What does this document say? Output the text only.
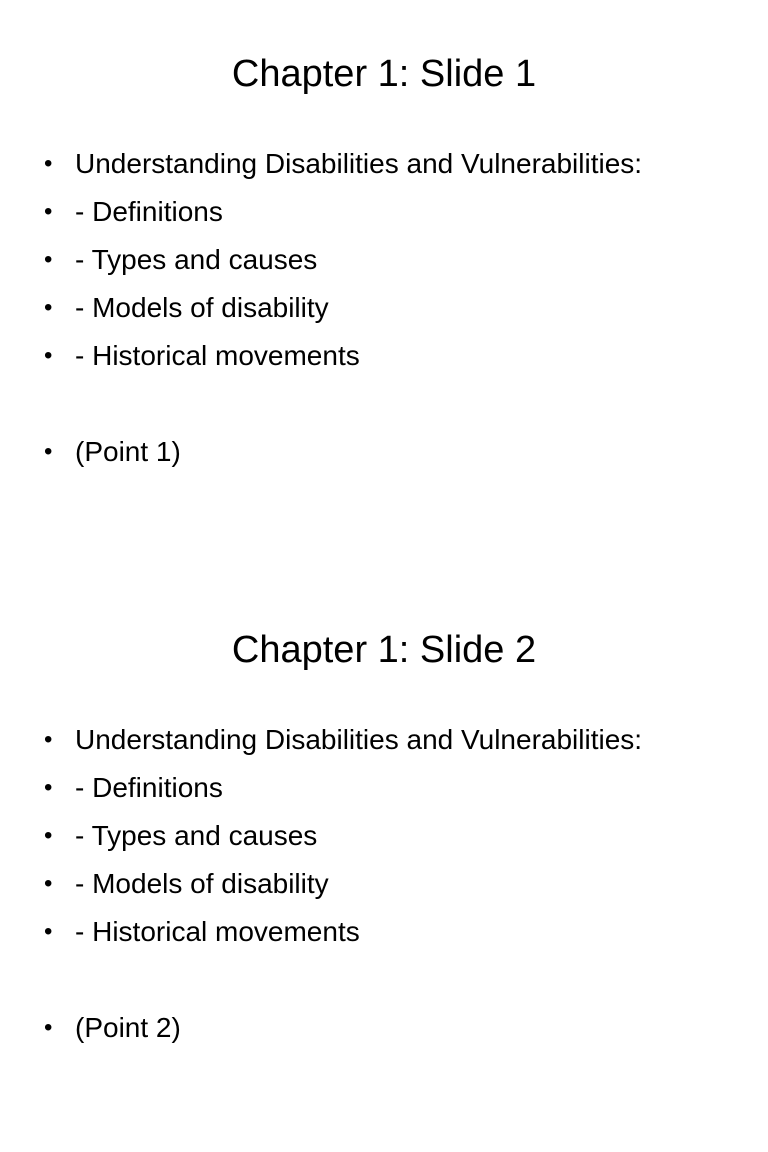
Chapter 1: Slide 1
• Understanding Disabilities and Vulnerabilities:
• - Definitions
• - Types and causes
• - Models of disability
• - Historical movements
• (Point 1)
Chapter 1: Slide 2
• Understanding Disabilities and Vulnerabilities:
• - Definitions
• - Types and causes
• - Models of disability
• - Historical movements
• (Point 2)
